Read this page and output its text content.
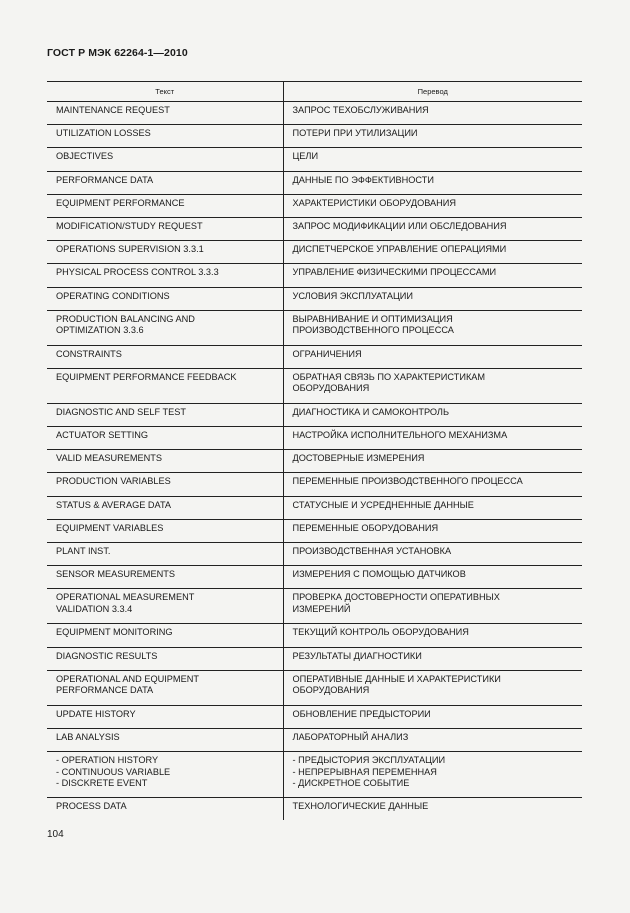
ГОСТ Р МЭК 62264-1—2010
Текст	Перевод
MAINTENANCE REQUEST	ЗАПРОС ТЕХОБСЛУЖИВАНИЯ
UTILIZATION LOSSES	ПОТЕРИ ПРИ УТИЛИЗАЦИИ
OBJECTIVES	ЦЕЛИ
PERFORMANCE DATA	ДАННЫЕ ПО ЭФФЕКТИВНОСТИ
EQUIPMENT PERFORMANCE	ХАРАКТЕРИСТИКИ ОБОРУДОВАНИЯ
MODIFICATION/STUDY REQUEST	ЗАПРОС МОДИФИКАЦИИ ИЛИ ОБСЛЕДОВАНИЯ
OPERATIONS SUPERVISION 3.3.1	ДИСПЕТЧЕРСКОЕ УПРАВЛЕНИЕ ОПЕРАЦИЯМИ
PHYSICAL PROCESS CONTROL 3.3.3	УПРАВЛЕНИЕ ФИЗИЧЕСКИМИ ПРОЦЕССАМИ
OPERATING CONDITIONS	УСЛОВИЯ ЭКСПЛУАТАЦИИ
PRODUCTION BALANCING AND
OPTIMIZATION 3.3.6	ВЫРАВНИВАНИЕ И ОПТИМИЗАЦИЯ
ПРОИЗВОДСТВЕННОГО ПРОЦЕССА
CONSTRAINTS	ОГРАНИЧЕНИЯ
EQUIPMENT PERFORMANCE FEEDBACK	ОБРАТНАЯ СВЯЗЬ ПО ХАРАКТЕРИСТИКАМ
ОБОРУДОВАНИЯ
DIAGNOSTIC AND SELF TEST	ДИАГНОСТИКА И САМОКОНТРОЛЬ
ACTUATOR SETTING	НАСТРОЙКА ИСПОЛНИТЕЛЬНОГО МЕХАНИЗМА
VALID MEASUREMENTS	ДОСТОВЕРНЫЕ ИЗМЕРЕНИЯ
PRODUCTION VARIABLES	ПЕРЕМЕННЫЕ ПРОИЗВОДСТВЕННОГО ПРОЦЕССА
STATUS & AVERAGE DATA	СТАТУСНЫЕ И УСРЕДНЕННЫЕ ДАННЫЕ
EQUIPMENT VARIABLES	ПЕРЕМЕННЫЕ ОБОРУДОВАНИЯ
PLANT INST.	ПРОИЗВОДСТВЕННАЯ УСТАНОВКА
SENSOR MEASUREMENTS	ИЗМЕРЕНИЯ С ПОМОЩЬЮ ДАТЧИКОВ
OPERATIONAL MEASUREMENT
VALIDATION 3.3.4	ПРОВЕРКА ДОСТОВЕРНОСТИ ОПЕРАТИВНЫХ
ИЗМЕРЕНИЙ
EQUIPMENT MONITORING	ТЕКУЩИЙ КОНТРОЛЬ ОБОРУДОВАНИЯ
DIAGNOSTIC RESULTS	РЕЗУЛЬТАТЫ ДИАГНОСТИКИ
OPERATIONAL AND EQUIPMENT
PERFORMANCE DATA	ОПЕРАТИВНЫЕ ДАННЫЕ И ХАРАКТЕРИСТИКИ
ОБОРУДОВАНИЯ
UPDATE HISTORY	ОБНОВЛЕНИЕ ПРЕДЫСТОРИИ
LAB ANALYSIS	ЛАБОРАТОРНЫЙ АНАЛИЗ
- OPERATION HISTORY
- CONTINUOUS VARIABLE
- DISCKRETE EVENT	- ПРЕДЫСТОРИЯ ЭКСПЛУАТАЦИИ
- НЕПРЕРЫВНАЯ ПЕРЕМЕННАЯ
- ДИСКРЕТНОЕ СОБЫТИЕ
PROCESS DATA	ТЕХНОЛОГИЧЕСКИЕ ДАННЫЕ
104
